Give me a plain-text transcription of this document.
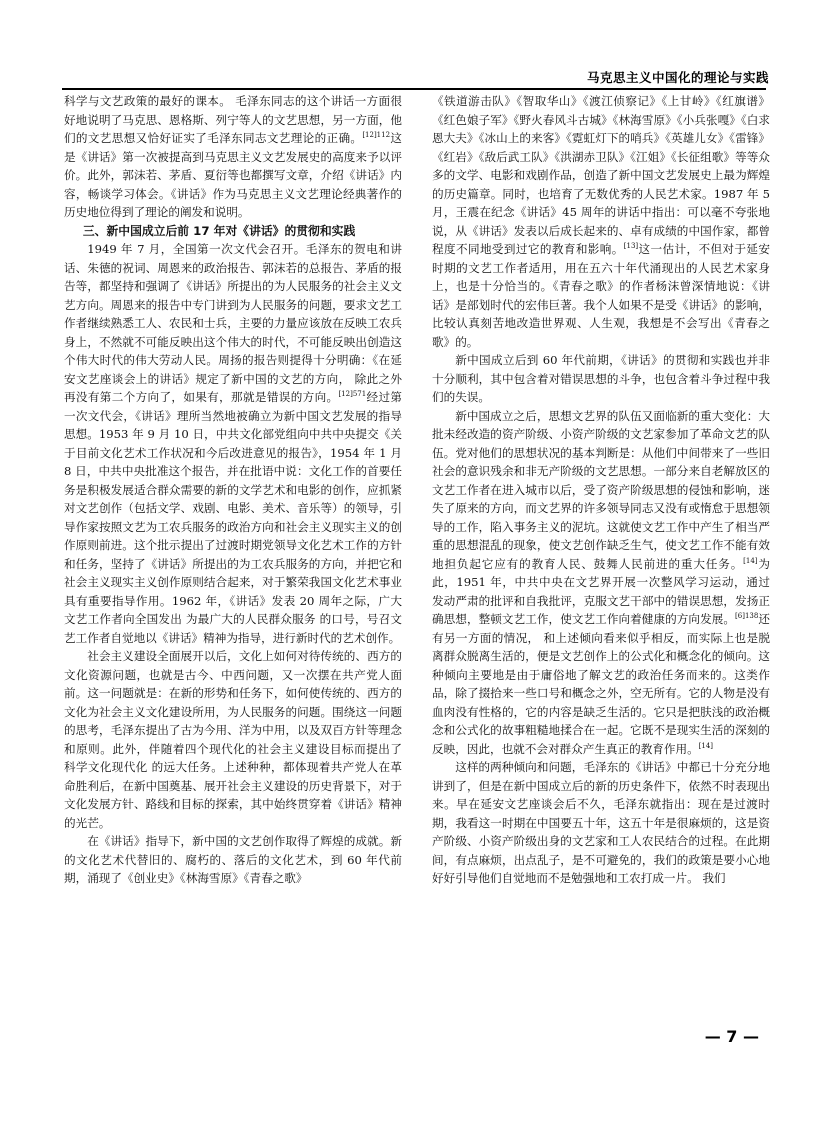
马克思主义中国化的理论与实践

科学与文艺政策的最好的课本。 毛泽东同志的这个讲话一方面很好地说明了马克思、恩格斯、列宁等人的文艺思想，另一方面，他们的文艺思想又恰好证实了毛泽东同志文艺理论的正确。$^{[12]112}$这是《讲话》第一次被提高到马克思主义文艺发展史的高度来予以评价。此外，郭沫若、茅盾、夏衍等也都撰写文章，介绍《讲话》内容，畅谈学习体会。《讲话》作为马克思主义文艺理论经典著作的历史地位得到了理论的阐发和说明。

三、新中国成立后前 17 年对《讲话》的贯彻和实践

1949 年 7 月，全国第一次文代会召开。毛泽东的贺电和讲话、朱德的祝词、周恩来的政治报告、郭沫若的总报告、茅盾的报告等，都坚持和强调了《讲话》所提出的为人民服务的社会主义文艺方向。周恩来的报告中专门讲到为人民服务的问题，要求文艺工作者继续熟悉工人、农民和士兵，主要的力量应该放在反映工农兵身上，不然就不可能反映出这个伟大的时代，不可能反映出创造这个伟大时代的伟大劳动人民。周扬的报告则提得十分明确：《在延安文艺座谈会上的讲话》规定了新中国的文艺的方向， 除此之外再没有第二个方向了，如果有，那就是错误的方向。$^{[12]571}$经过第一次文代会，《讲话》理所当然地被确立为新中国文艺发展的指导思想。1953 年 9 月 10 日，中共文化部党组向中共中央提交《关于目前文化艺术工作状况和今后改进意见的报告》，1954 年 1 月 8 日，中共中央批准这个报告，并在批语中说：文化工作的首要任务是积极发展适合群众需要的新的文学艺术和电影的创作，应抓紧对文艺创作（包括文学、戏剧、电影、美术、音乐等）的领导，引导作家按照文艺为工农兵服务的政治方向和社会主义现实主义的创作原则前进。这个批示提出了过渡时期党领导文化艺术工作的方针和任务，坚持了《讲话》所提出的为工农兵服务的方向，并把它和社会主义现实主义创作原则结合起来，对于繁荣我国文化艺术事业具有重要指导作用。1962 年，《讲话》发表 20 周年之际，广大文艺工作者向全国发出 为最广大的人民群众服务 的口号，号召文艺工作者自觉地以《讲话》精神为指导，进行新时代的艺术创作。

社会主义建设全面展开以后，文化上如何对待传统的、西方的文化资源问题，也就是古今、中西问题，又一次摆在共产党人面前。这一问题就是：在新的形势和任务下，如何使传统的、西方的文化为社会主义文化建设所用，为人民服务的问题。围绕这一问题的思考，毛泽东提出了古为今用、洋为中用，以及双百方针等理念和原则。此外，伴随着四个现代化的社会主义建设目标而提出了 科学文化现代化 的远大任务。上述种种，都体现着共产党人在革命胜利后，在新中国奠基、展开社会主义建设的历史背景下，对于文化发展方针、路线和目标的探索，其中始终贯穿着《讲话》精神的光芒。

在《讲话》指导下，新中国的文艺创作取得了辉煌的成就。新的文化艺术代替旧的、腐朽的、落后的文化艺术，到 60 年代前期，涌现了《创业史》《林海雪原》《青春之歌》

《铁道游击队》《智取华山》《渡江侦察记》《上甘岭》《红旗谱》《红色娘子军》《野火春风斗古城》《林海雪原》《小兵张嘎》《白求恩大夫》《冰山上的来客》《霓虹灯下的哨兵》《英雄儿女》《雷锋》《红岩》《敌后武工队》《洪湖赤卫队》《江姐》《长征组歌》等等众多的文学、电影和戏剧作品，创造了新中国文艺发展史上最为辉煌的历史篇章。同时，也培育了无数优秀的人民艺术家。1987 年 5 月，王震在纪念《讲话》45 周年的讲话中指出：可以毫不夸张地说，从《讲话》发表以后成长起来的、卓有成绩的中国作家，都曾程度不同地受到过它的教育和影响。[13]这一估计，不但对于延安时期的文艺工作者适用，用在五六十年代涌现出的人民艺术家身上，也是十分恰当的。《青春之歌》的作者杨沫曾深情地说：《讲话》是部划时代的宏伟巨著。我个人如果不是受《讲话》的影响，比较认真刻苦地改造世界观、人生观，我想是不会写出《青春之歌》的。

新中国成立后到 60 年代前期，《讲话》的贯彻和实践也并非十分顺利，其中包含着对错误思想的斗争，也包含着斗争过程中我们的失误。

新中国成立之后，思想文艺界的队伍又面临新的重大变化：大批未经改造的资产阶级、小资产阶级的文艺家参加了革命文艺的队伍。党对他们的思想状况的基本判断是：从他们中间带来了一些旧社会的意识残余和非无产阶级的文艺思想。一部分来自老解放区的文艺工作者在进入城市以后，受了资产阶级思想的侵蚀和影响，迷失了原来的方向，而文艺界的许多领导同志又没有或惰怠于思想领导的工作，陷入事务主义的泥坑。这就使文艺工作中产生了相当严重的思想混乱的现象，使文艺创作缺乏生气，使文艺工作不能有效地担负起它应有的教育人民、鼓舞人民前进的重大任务。[14]为此，1951 年，中共中央在文艺界开展一次整风学习运动，通过 发动严肃的批评和自我批评，克服文艺干部中的错误思想，发扬正确思想，整顿文艺工作，使文艺工作向着健康的方向发展。$^{[6]138}$还有另一方面的情况， 和上述倾向看来似乎相反，而实际上也是脱离群众脱离生活的，便是文艺创作上的公式化和概念化的倾向。这种倾向主要地是由于庸俗地了解文艺的政治任务而来的。这类作品，除了掇拾来一些口号和概念之外，空无所有。它的人物是没有血肉没有性格的，它的内容是缺乏生活的。它只是把肤浅的政治概念和公式化的故事粗糙地揉合在一起。它既不是现实生活的深刻的反映，因此，也就不会对群众产生真正的教育作用。[14]

这样的两种倾向和问题，毛泽东的《讲话》中都已十分充分地讲到了，但是在新中国成立后的新的历史条件下，依然不时表现出来。早在延安文艺座谈会后不久，毛泽东就指出：现在是过渡时期，我看这一时期在中国要五十年，这五十年是很麻烦的，这是资产阶级、小资产阶级出身的文艺家和工人农民结合的过程。在此期间，有点麻烦，出点乱子，是不可避免的，我们的政策是要小心地好好引导他们自觉地而不是勉强地和工农打成一片。 我们

— 7 —
